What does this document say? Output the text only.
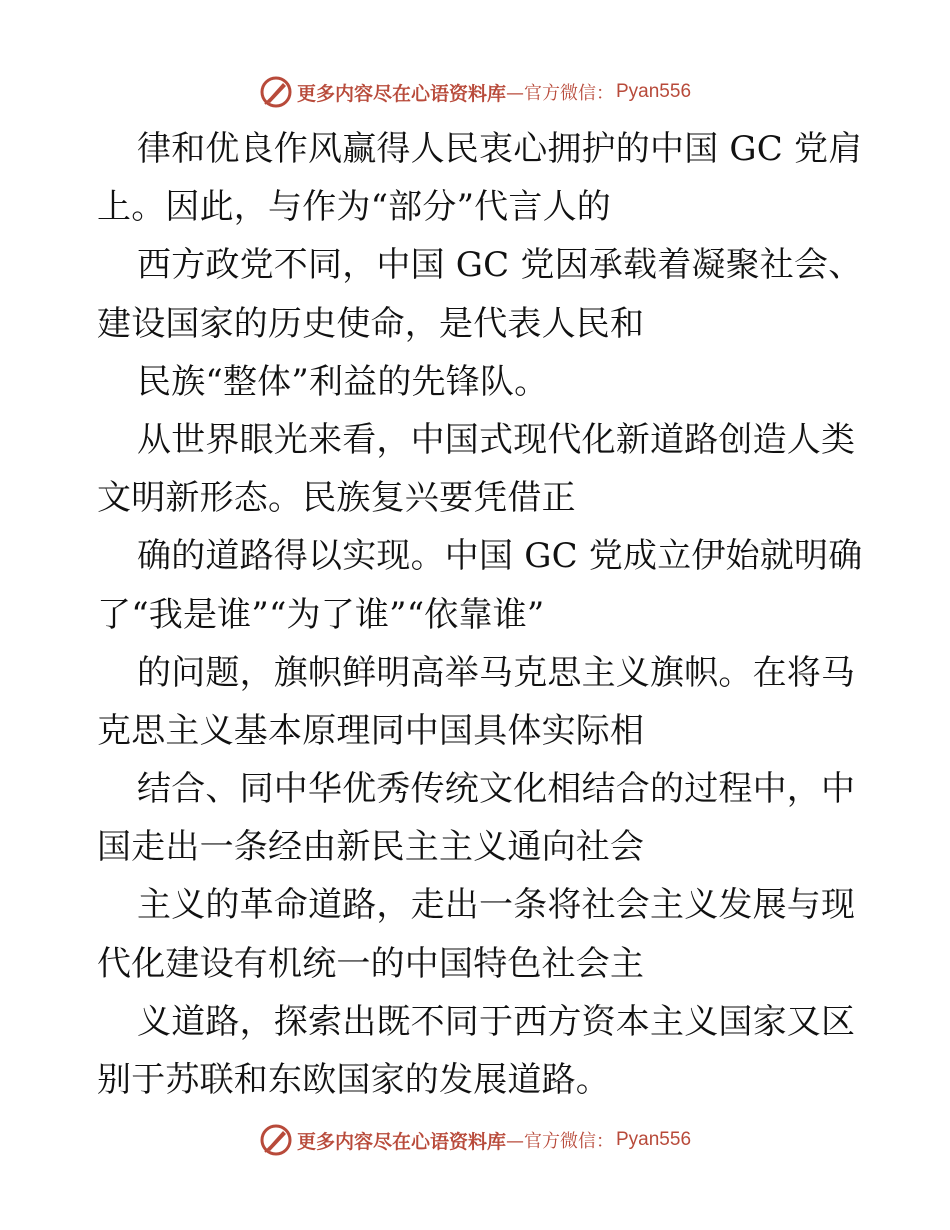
更多内容尽在心语资料库 —官方微信： Pyan556
律和优良作风赢得人民衷心拥护的中国 GC 党肩
上。因此，与作为“部分”代言人的
西方政党不同，中国 GC 党因承载着凝聚社会、
建设国家的历史使命，是代表人民和
民族“整体”利益的先锋队。
从世界眼光来看，中国式现代化新道路创造人类
文明新形态。民族复兴要凭借正
确的道路得以实现。中国 GC 党成立伊始就明确
了“我是谁”“为了谁”“依靠谁”
的问题，旗帜鲜明高举马克思主义旗帜。在将马
克思主义基本原理同中国具体实际相
结合、同中华优秀传统文化相结合的过程中，中
国走出一条经由新民主主义通向社会
主义的革命道路，走出一条将社会主义发展与现
代化建设有机统一的中国特色社会主
义道路，探索出既不同于西方资本主义国家又区
别于苏联和东欧国家的发展道路。
更多内容尽在心语资料库 —官方微信： Pyan556
